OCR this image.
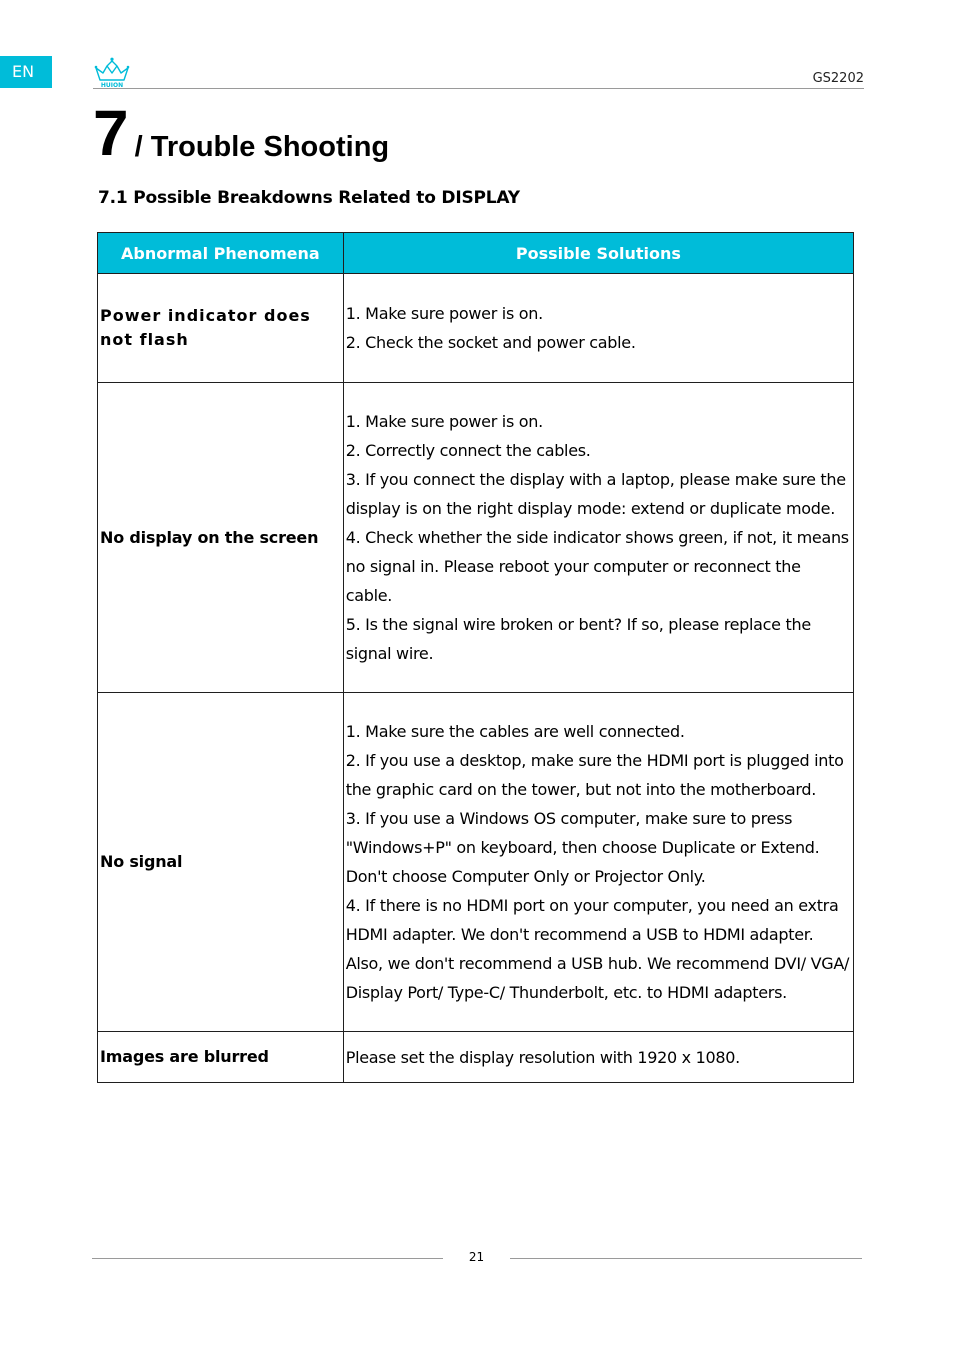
EN
HUION	GS2202
7 / Trouble Shooting
7.1 Possible Breakdowns Related to DISPLAY
Abnormal Phenomena	Possible Solutions
Power indicator does not flash	1. Make sure power is on.
2. Check the socket and power cable.

No display on the screen	1. Make sure power is on.
2. Correctly connect the cables.
3. If you connect the display with a laptop, please make sure the display is on the right display mode: extend or duplicate mode.
4. Check whether the side indicator shows green, if not, it means no signal in. Please reboot your computer or reconnect the cable.
5. Is the signal wire broken or bent? If so, please replace the signal wire.

No signal	1. Make sure the cables are well connected.
2. If you use a desktop, make sure the HDMI port is plugged into the graphic card on the tower, but not into the motherboard.
3. If you use a Windows OS computer, make sure to press "Windows+P" on keyboard, then choose Duplicate or Extend. Don't choose Computer Only or Projector Only.
4. If there is no HDMI port on your computer, you need an extra HDMI adapter. We don't recommend a USB to HDMI adapter. Also, we don't recommend a USB hub. We recommend DVI/ VGA/ Display Port/ Type-C/ Thunderbolt, etc. to HDMI adapters.

Images are blurred	Please set the display resolution with 1920 x 1080.
21
